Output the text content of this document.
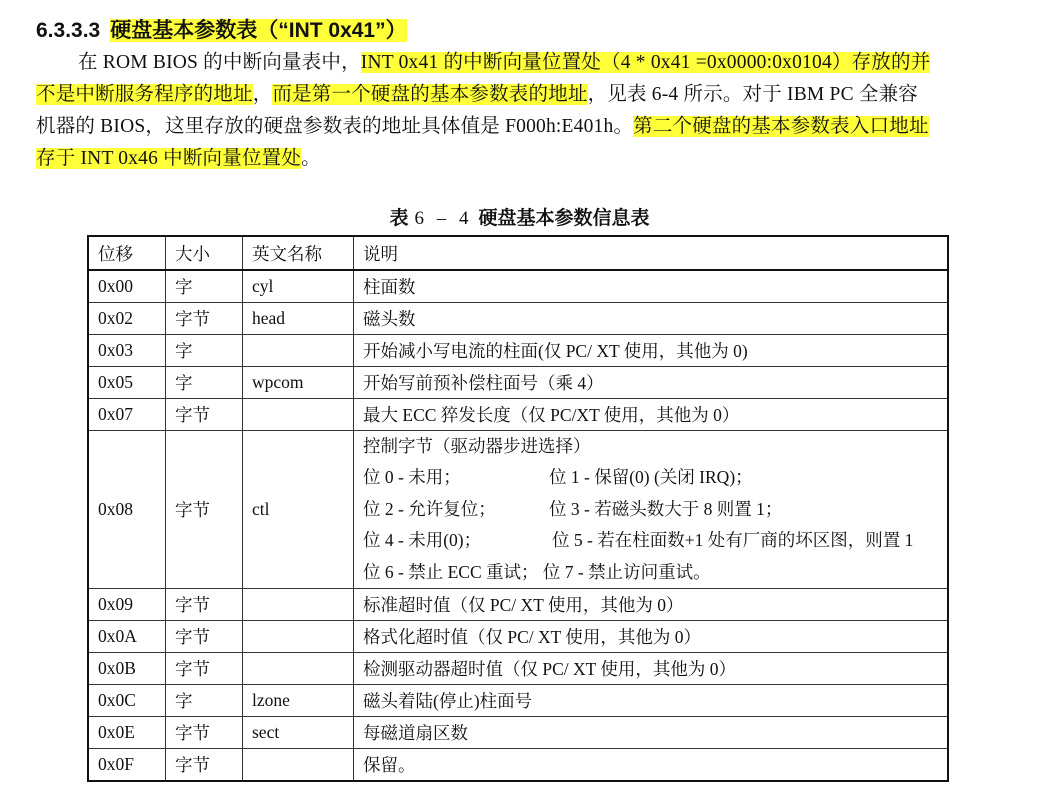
6.3.3.3 硬盘基本参数表（“INT 0x41”）
在 ROM BIOS 的中断向量表中，INT 0x41 的中断向量位置处（4 * 0x41 =0x0000:0x0104）存放的并
不是中断服务程序的地址，而是第一个硬盘的基本参数表的地址，见表 6-4 所示。对于 IBM PC 全兼容
机器的 BIOS，这里存放的硬盘参数表的地址具体值是 F000h:E401h。第二个硬盘的基本参数表入口地址
存于 INT 0x46 中断向量位置处。
表 6 – 4 硬盘基本参数信息表
位移	大小	英文名称	说明
0x00	字	cyl	柱面数
0x02	字节	head	磁头数
0x03	字		开始减小写电流的柱面(仅 PC/ XT 使用，其他为 0)
0x05	字	wpcom	开始写前预补偿柱面号（乘 4）
0x07	字节		最大 ECC 猝发长度（仅 PC/XT 使用，其他为 0）
0x08	字节	ctl	控制字节（驱动器步进选择）
位 0 - 未用； 位 1 - 保留(0) (关闭 IRQ)；
位 2 - 允许复位； 位 3 - 若磁头数大于 8 则置 1；
位 4 - 未用(0)； 位 5 - 若在柱面数+1 处有厂商的坏区图，则置 1
位 6 - 禁止 ECC 重试； 位 7 - 禁止访问重试。

0x09	字节		标准超时值（仅 PC/ XT 使用，其他为 0）
0x0A	字节		格式化超时值（仅 PC/ XT 使用，其他为 0）
0x0B	字节		检测驱动器超时值（仅 PC/ XT 使用，其他为 0）
0x0C	字	lzone	磁头着陆(停止)柱面号
0x0E	字节	sect	每磁道扇区数
0x0F	字节		保留。
